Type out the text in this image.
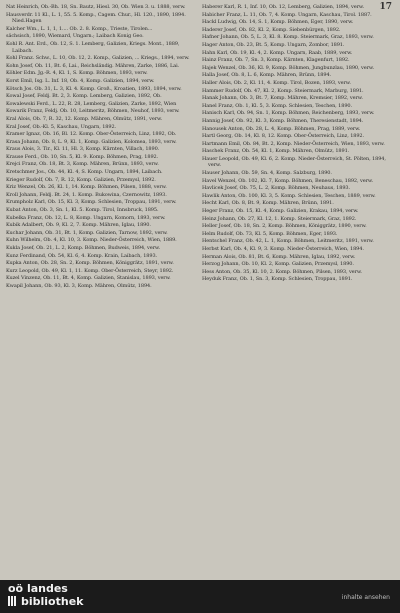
17
Nat Heinrich, Ob.-Bh. 18, Sn. Bautz, Hiesl. 30, Ob. Wien 3. u. 1888, verw.
Hausverdr. 11 Kl., L. 1, 55. 5. Komp., Cagem. Chur., Hl. 120., 1890, 1894. Nied.Hagen
Kalcher Wm., L. 1, 1, 1.... Ob. 2. 8. Komp., Trieste, Tirolen...
sächsisch, 1890, Wiemard, Ungarn.; Laibach Konig Geo.
Kohl R. Ant. Erd., Ob. 12, S. 1. Lemberg, Galizien, Kriegs. Mont., 1889, Laibach.
Kohl Franz. Schw., L. 10, Ob. 12, 2. Komp., Galizien, ... Kriegs., 1894, verw.
Kohn Josef, Ob. 11, Bt. 6, Lai., Reichsländig. Mähren, Zarke, 1886, Lai.
Köhler Edm. Jg.-R. 4, Kl. 1, S. Komp. Böhmen, 1893, verw.
Korst Emil, Isg. L. Inf. 18, Ob. 4, Komp. Galizien, 1894, verw.
Kötsch Jos. Ob. 31, L. 3, Kl. 4. Komp. Groß., Kroatien, 1893, 1894, verw.
Kowal Josef, Feldj. Bt. 2, 3. Komp. Lemberg, Galizien, 1892, Ob.
Kowalewski Ferd., L. 22, R. 28, Lemberg, Galizien, Zarke, 1892, Wien
Kowarik Franz, Feldj. Ob. 10, Leitmeritz, Böhmen, Neuhof, 1893, verw.
Kral Alois, Ob. 7, R. 32, 12. Komp. Mähren, Olmütz, 1891, verw.
Kral Josef, Ob.-Kl. 5, Kaschau, Ungarn, 1892.
Kramer Ignaz, Ob. 16, Bl. 12. Komp. Ober-Österreich, Linz, 1892, Ob.
Krasa Johann, Ob. 8, L. 9, Kl. 1, Komp. Galizien, Kolomea, 1893, verw.
Kraus Alois, 3. Tir., Kl. 11, Hl. 3, Komp. Kärnten, Villach, 1890.
Krause Ferd., Ob. 10, Sn. 5, Kl. 9. Komp. Böhmen, Prag, 1892.
Krejci Franz, Ob. 18, Bt. 3, Komp. Mähren, Brünn, 1893, verw.
Kretschmer Jos., Ob. 44, Kl. 4, S. Komp. Ungarn, 1894, Laibach.
Krieger Rudolf, Ob. 7, R. 12, Komp. Galizien, Przemysl, 1892.
Kriz Wenzel, Ob. 26, Kl. 1, 14. Komp. Böhmen, Pilsen, 1888, verw.
Kroll Johann, Feldj. Bt. 24, 1. Komp. Bukowina, Czernowitz, 1893.
Krumpholz Karl, Ob. 15, Kl. 3, Komp. Schlesien, Troppau, 1891, verw.
Kubat Anton, Ob. 3, Sn. 1, Kl. 5. Komp. Tirol, Innsbruck, 1895.
Kubelka Franz, Ob. 12, L. 8, Komp. Ungarn, Komorn, 1893, verw.
Kubik Adalbert, Ob. 9, Kl. 2, 7. Komp. Mähren, Iglau, 1890.
Kuchar Johann, Ob. 31, Bt. 1, Komp. Galizien, Tarnow, 1892, verw.
Kuhn Wilhelm, Ob. 4, Kl. 10, 3. Komp. Nieder-Österreich, Wien, 1889.
Kukla Josef, Ob. 21, L. 2, Komp. Böhmen, Budweis, 1894, verw.
Kunz Ferdinand, Ob. 54, Kl. 6, 4. Komp. Krain, Laibach, 1893.
Kupka Anton, Ob. 28, Sn. 2, Komp. Böhmen, Königgrätz, 1891, verw.
Kurz Leopold, Ob. 49, Kl. 1, 11. Komp. Ober-Österreich, Steyr, 1892.
Kuzel Vinzenz, Ob. 11, Bt. 4, Komp. Galizien, Stanislau, 1893, verw.
Kwapil Johann, Ob. 93, Kl. 3, Komp. Mähren, Olmütz, 1894.
Haberer Karl, R. 1, Inf. 10, Ob. 12, Lemberg, Galizien, 1894, verw.
Habicher Franz, L. 11, Ob. 7, 4. Komp. Ungarn, Kaschau, Tirol. 1887.
Hackl Ludwig, Ob. 14, S. 1, Komp. Böhmen, Eger, 1890, verw.
Haderer Josef, Ob. 82, Kl. 2, Komp. Siebenbürgen, 1892.
Hafner Johann, Ob. 5, L. 3, Kl. 8. Komp. Steiermark, Graz, 1893, verw.
Hager Anton, Ob. 23, Bt. 5, Komp. Ungarn, Zombor, 1891.
Hahn Karl, Ob. 19, Kl. 4, 2. Komp. Ungarn, Raab, 1889, verw.
Hainz Franz, Ob. 7, Sn. 3, Komp. Kärnten, Klagenfurt, 1892.
Hajek Wenzel, Ob. 36, Kl. 9, Komp. Böhmen, Jungbunzlau, 1890, verw.
Halla Josef, Ob. 8, L. 6, Komp. Mähren, Brünn, 1894.
Haller Alois, Ob. 2, Kl. 11, 4. Komp. Tirol, Bozen, 1893, verw.
Hammer Rudolf, Ob. 47, Kl. 2, Komp. Steiermark, Marburg, 1891.
Hanak Johann, Ob. 3, Bt. 7, Komp. Mähren, Kremsier, 1892, verw.
Hanel Franz, Ob. 1, Kl. 5, 3. Komp. Schlesien, Teschen, 1890.
Hanisch Karl, Ob. 94, Sn. 1, Komp. Böhmen, Reichenberg, 1893, verw.
Hannig Josef, Ob. 92, Kl. 3, Komp. Böhmen, Theresienstadt, 1894.
Hanousek Anton, Ob. 28, L. 4, Komp. Böhmen, Prag, 1889, verw.
Hartl Georg, Ob. 14, Kl. 8, 12. Komp. Ober-Österreich, Linz, 1892.
Hartmann Emil, Ob. 84, Bt. 2, Komp. Nieder-Österreich, Wien, 1893, verw.
Haschek Franz, Ob. 54, Kl. 1, Komp. Mähren, Olmütz, 1891.
Hauer Leopold, Ob. 49, Kl. 6, 2. Komp. Nieder-Österreich, St. Pölten, 1894, verw.
Hauser Johann, Ob. 59, Sn. 4, Komp. Salzburg, 1890.
Havel Wenzel, Ob. 102, Kl. 7, Komp. Böhmen, Beneschau, 1892, verw.
Havlicek Josef, Ob. 75, L. 2, Komp. Böhmen, Neuhaus, 1893.
Hawlik Anton, Ob. 100, Kl. 3, 5. Komp. Schlesien, Teschen, 1889, verw.
Hecht Karl, Ob. 8, Bt. 9, Komp. Mähren, Brünn, 1891.
Heger Franz, Ob. 15, Kl. 4, Komp. Galizien, Krakau, 1894, verw.
Heinz Johann, Ob. 27, Kl. 12, 1. Komp. Steiermark, Graz, 1892.
Heller Josef, Ob. 18, Sn. 2, Komp. Böhmen, Königgrätz, 1890, verw.
Helm Rudolf, Ob. 73, Kl. 5, Komp. Böhmen, Eger, 1893.
Hentschel Franz, Ob. 42, L. 1, Komp. Böhmen, Leitmeritz, 1891, verw.
Herbst Karl, Ob. 4, Kl. 9, 3. Komp. Nieder-Österreich, Wien, 1894.
Herman Alois, Ob. 81, Bt. 6, Komp. Mähren, Iglau, 1892, verw.
Herzog Johann, Ob. 10, Kl. 2, Komp. Galizien, Przemysl, 1890.
Hess Anton, Ob. 35, Kl. 10, 2. Komp. Böhmen, Pilsen, 1893, verw.
Heyduk Franz, Ob. 1, Sn. 3, Komp. Schlesien, Troppau, 1891.
oö landes
bibliothek	inhalte ansehen
